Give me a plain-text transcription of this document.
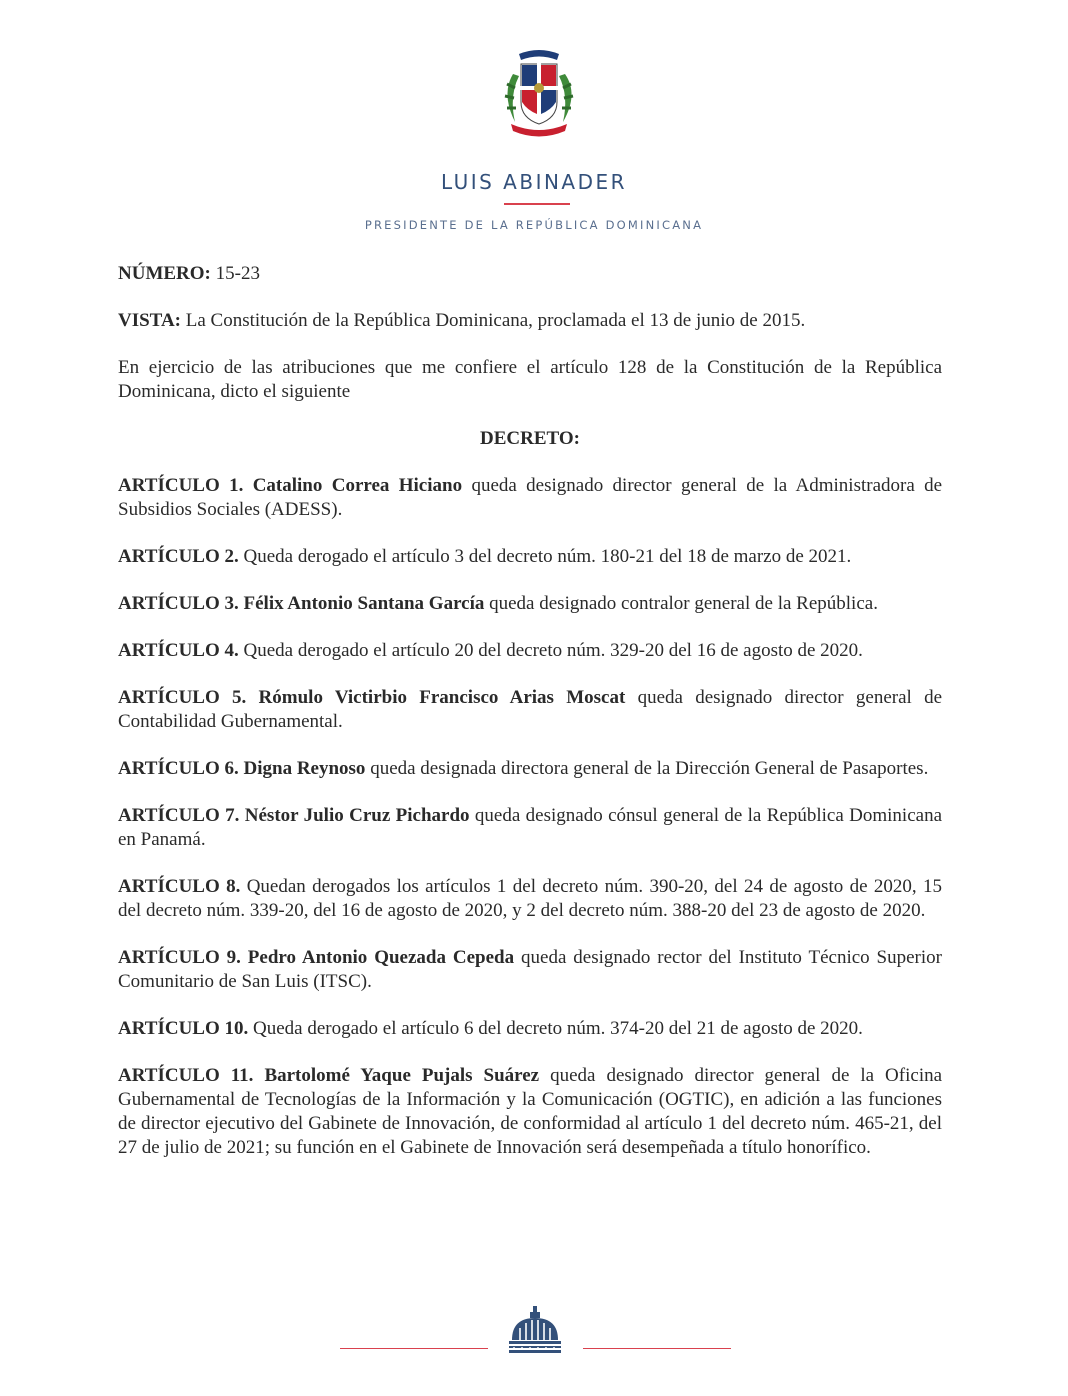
LUIS ABINADER
PRESIDENTE DE LA REPÚBLICA DOMINICANA

NÚMERO: 15-23

VISTA: La Constitución de la República Dominicana, proclamada el 13 de junio de 2015.

En ejercicio de las atribuciones que me confiere el artículo 128 de la Constitución de la República Dominicana, dicto el siguiente

DECRETO:

ARTÍCULO 1. Catalino Correa Hiciano queda designado director general de la Administradora de Subsidios Sociales (ADESS).

ARTÍCULO 2. Queda derogado el artículo 3 del decreto núm. 180-21 del 18 de marzo de 2021.

ARTÍCULO 3. Félix Antonio Santana García queda designado contralor general de la República.

ARTÍCULO 4. Queda derogado el artículo 20 del decreto núm. 329-20 del 16 de agosto de 2020.

ARTÍCULO 5. Rómulo Victirbio Francisco Arias Moscat queda designado director general de Contabilidad Gubernamental.

ARTÍCULO 6. Digna Reynoso queda designada directora general de la Dirección General de Pasaportes.

ARTÍCULO 7. Néstor Julio Cruz Pichardo queda designado cónsul general de la República Dominicana en Panamá.

ARTÍCULO 8. Quedan derogados los artículos 1 del decreto núm. 390-20, del 24 de agosto de 2020, 15 del decreto núm. 339-20, del 16 de agosto de 2020, y 2 del decreto núm. 388-20 del 23 de agosto de 2020.

ARTÍCULO 9. Pedro Antonio Quezada Cepeda queda designado rector del Instituto Técnico Superior Comunitario de San Luis (ITSC).

ARTÍCULO 10. Queda derogado el artículo 6 del decreto núm. 374-20 del 21 de agosto de 2020.

ARTÍCULO 11. Bartolomé Yaque Pujals Suárez queda designado director general de la Oficina Gubernamental de Tecnologías de la Información y la Comunicación (OGTIC), en adición a las funciones de director ejecutivo del Gabinete de Innovación, de conformidad al artículo 1 del decreto núm. 465-21, del 27 de julio de 2021; su función en el Gabinete de Innovación será desempeñada a título honorífico.
